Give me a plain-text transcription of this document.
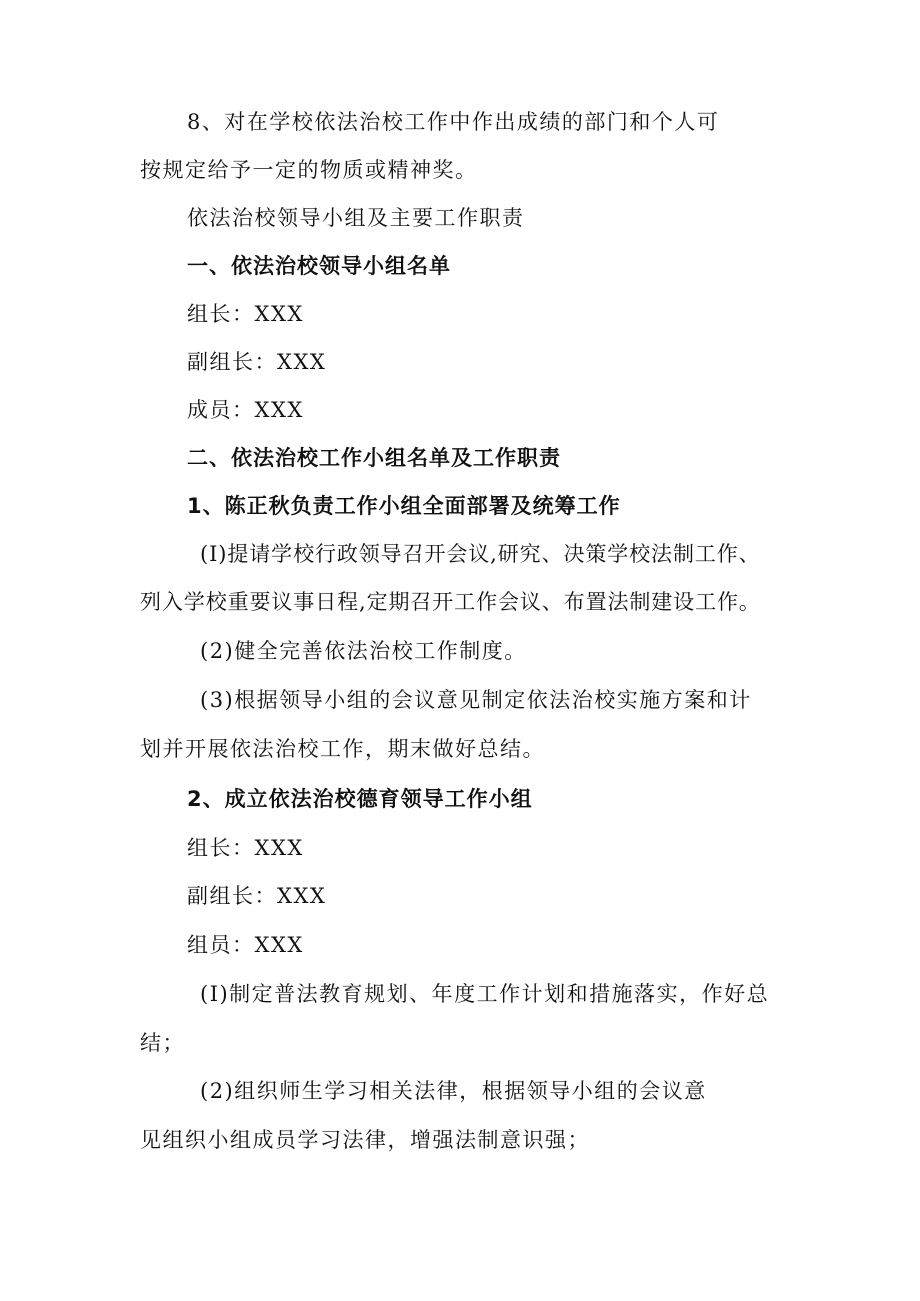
8、对在学校依法治校工作中作出成绩的部门和个人可
按规定给予一定的物质或精神奖。
依法治校领导小组及主要工作职责
一、依法治校领导小组名单
组长：XXX
副组长：XXX
成员：XXX
二、依法治校工作小组名单及工作职责
1、陈正秋负责工作小组全面部署及统筹工作
(I)提请学校行政领导召开会议,研究、决策学校法制工作、
列入学校重要议事日程,定期召开工作会议、布置法制建设工作。
(2)健全完善依法治校工作制度。
(3)根据领导小组的会议意见制定依法治校实施方案和计
划并开展依法治校工作，期末做好总结。
2、成立依法治校德育领导工作小组
组长：XXX
副组长：XXX
组员：XXX
(I)制定普法教育规划、年度工作计划和措施落实，作好总
结；
(2)组织师生学习相关法律，根据领导小组的会议意
见组织小组成员学习法律，增强法制意识强；
